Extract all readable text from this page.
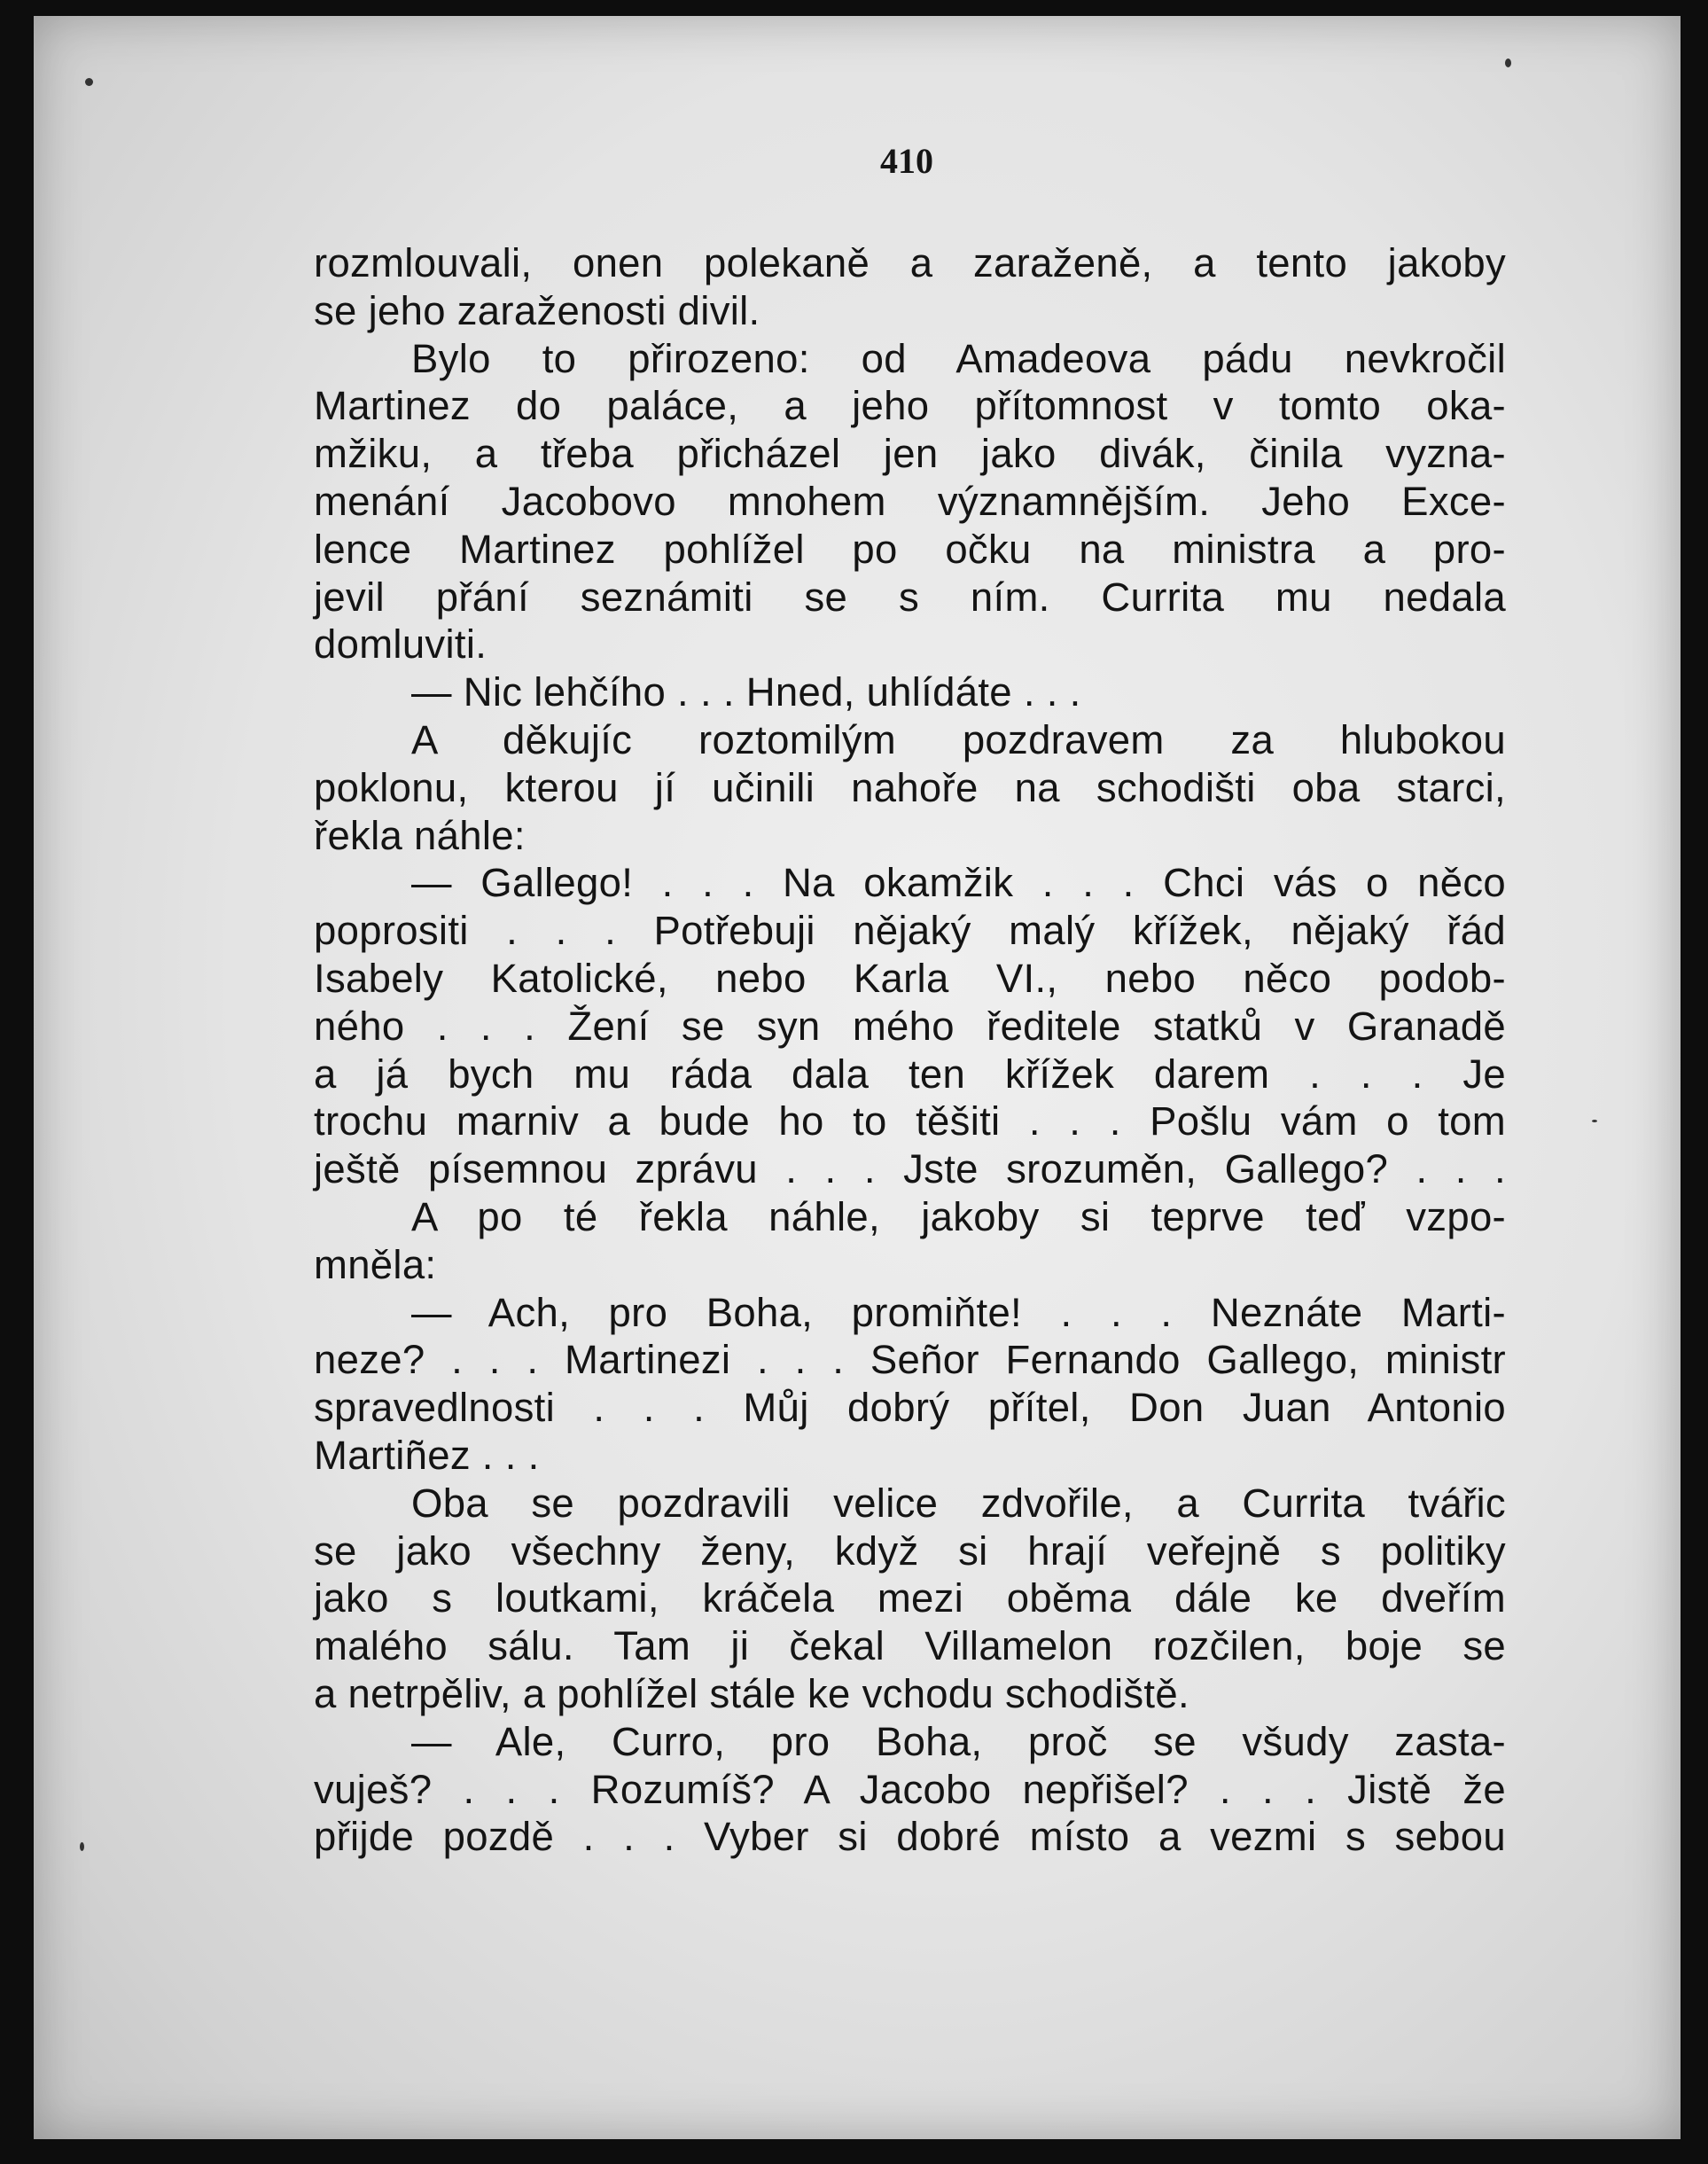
410
rozmlouvali, onen polekaně a zaraženě, a tento jakoby
se jeho zaraženosti divil.
Bylo to přirozeno: od Amadeova pádu nevkročil
Martinez do paláce, a jeho přítomnost v tomto oka-
mžiku, a třeba přicházel jen jako divák, činila vyzna-
menání Jacobovo mnohem významnějším. Jeho Exce-
lence Martinez pohlížel po očku na ministra a pro-
jevil přání seznámiti se s ním. Currita mu nedala
domluviti.
— Nic lehčího . . . Hned, uhlídáte . . .
A děkujíc roztomilým pozdravem za hlubokou
poklonu, kterou jí učinili nahoře na schodišti oba starci,
řekla náhle:
— Gallego! . . . Na okamžik . . . Chci vás o něco
poprositi . . . Potřebuji nějaký malý křížek, nějaký řád
Isabely Katolické, nebo Karla VI., nebo něco podob-
ného . . . Žení se syn mého ředitele statků v Granadě
a já bych mu ráda dala ten křížek darem . . . Je
trochu marniv a bude ho to těšiti . . . Pošlu vám o tom
ještě písemnou zprávu . . . Jste srozuměn, Gallego? . . .
A po té řekla náhle, jakoby si teprve teď vzpo-
mněla:
— Ach, pro Boha, promiňte! . . . Neznáte Marti-
neze? . . . Martinezi . . . Señor Fernando Gallego, ministr
spravedlnosti . . . Můj dobrý přítel, Don Juan Antonio
Martiñez . . .
Oba se pozdravili velice zdvořile, a Currita tvářic
se jako všechny ženy, když si hrají veřejně s politiky
jako s loutkami, kráčela mezi oběma dále ke dveřím
malého sálu. Tam ji čekal Villamelon rozčilen, boje se
a netrpěliv, a pohlížel stále ke vchodu schodiště.
— Ale, Curro, pro Boha, proč se všudy zasta-
vuješ? . . . Rozumíš? A Jacobo nepřišel? . . . Jistě že
přijde pozdě . . . Vyber si dobré místo a vezmi s sebou
